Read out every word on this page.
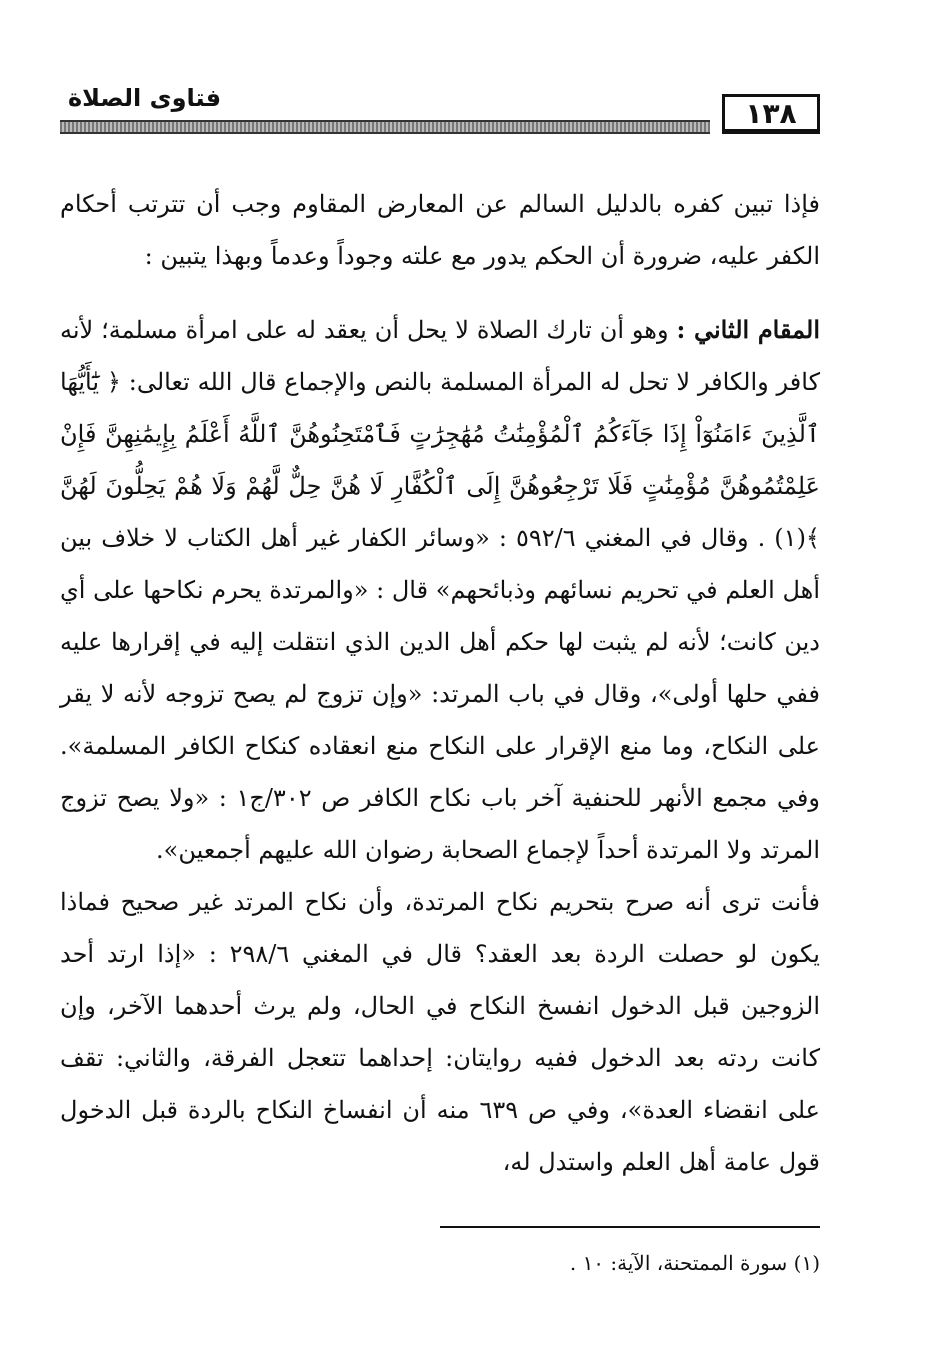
١٣٨
فتاوى الصلاة

فإذا تبين كفره بالدليل السالم عن المعارض المقاوم وجب أن تترتب أحكام الكفر عليه، ضرورة أن الحكم يدور مع علته وجوداً وعدماً وبهذا يتبين :

المقام الثاني : وهو أن تارك الصلاة لا يحل أن يعقد له على امرأة مسلمة؛ لأنه كافر والكافر لا تحل له المرأة المسلمة بالنص والإجماع قال الله تعالى: ﴿ يَٰٓأَيُّهَا ٱلَّذِينَ ءَامَنُوٓاْ إِذَا جَآءَكُمُ ٱلْمُؤْمِنَٰتُ مُهَٰجِرَٰتٍ فَٱمْتَحِنُوهُنَّ ٱللَّهُ أَعْلَمُ بِإِيمَٰنِهِنَّ فَإِنْ عَلِمْتُمُوهُنَّ مُؤْمِنَٰتٍ فَلَا تَرْجِعُوهُنَّ إِلَى ٱلْكُفَّارِ لَا هُنَّ حِلٌّ لَّهُمْ وَلَا هُمْ يَحِلُّونَ لَهُنَّ ﴾(١) . وقال في المغني ٥٩٢/٦ : «وسائر الكفار غير أهل الكتاب لا خلاف بين أهل العلم في تحريم نسائهم وذبائحهم» قال : «والمرتدة يحرم نكاحها على أي دين كانت؛ لأنه لم يثبت لها حكم أهل الدين الذي انتقلت إليه في إقرارها عليه ففي حلها أولى»، وقال في باب المرتد: «وإن تزوج لم يصح تزوجه لأنه لا يقر على النكاح، وما منع الإقرار على النكاح منع انعقاده كنكاح الكافر المسلمة». وفي مجمع الأنهر للحنفية آخر باب نكاح الكافر ص ٣٠٢/ج١ : «ولا يصح تزوج المرتد ولا المرتدة أحداً لإجماع الصحابة رضوان الله عليهم أجمعين».

فأنت ترى أنه صرح بتحريم نكاح المرتدة، وأن نكاح المرتد غير صحيح فماذا يكون لو حصلت الردة بعد العقد؟ قال في المغني ٢٩٨/٦ : «إذا ارتد أحد الزوجين قبل الدخول انفسخ النكاح في الحال، ولم يرث أحدهما الآخر، وإن كانت ردته بعد الدخول ففيه روايتان: إحداهما تتعجل الفرقة، والثاني: تقف على انقضاء العدة»، وفي ص ٦٣٩ منه أن انفساخ النكاح بالردة قبل الدخول قول عامة أهل العلم واستدل له،

(١) سورة الممتحنة، الآية: ١٠ .
